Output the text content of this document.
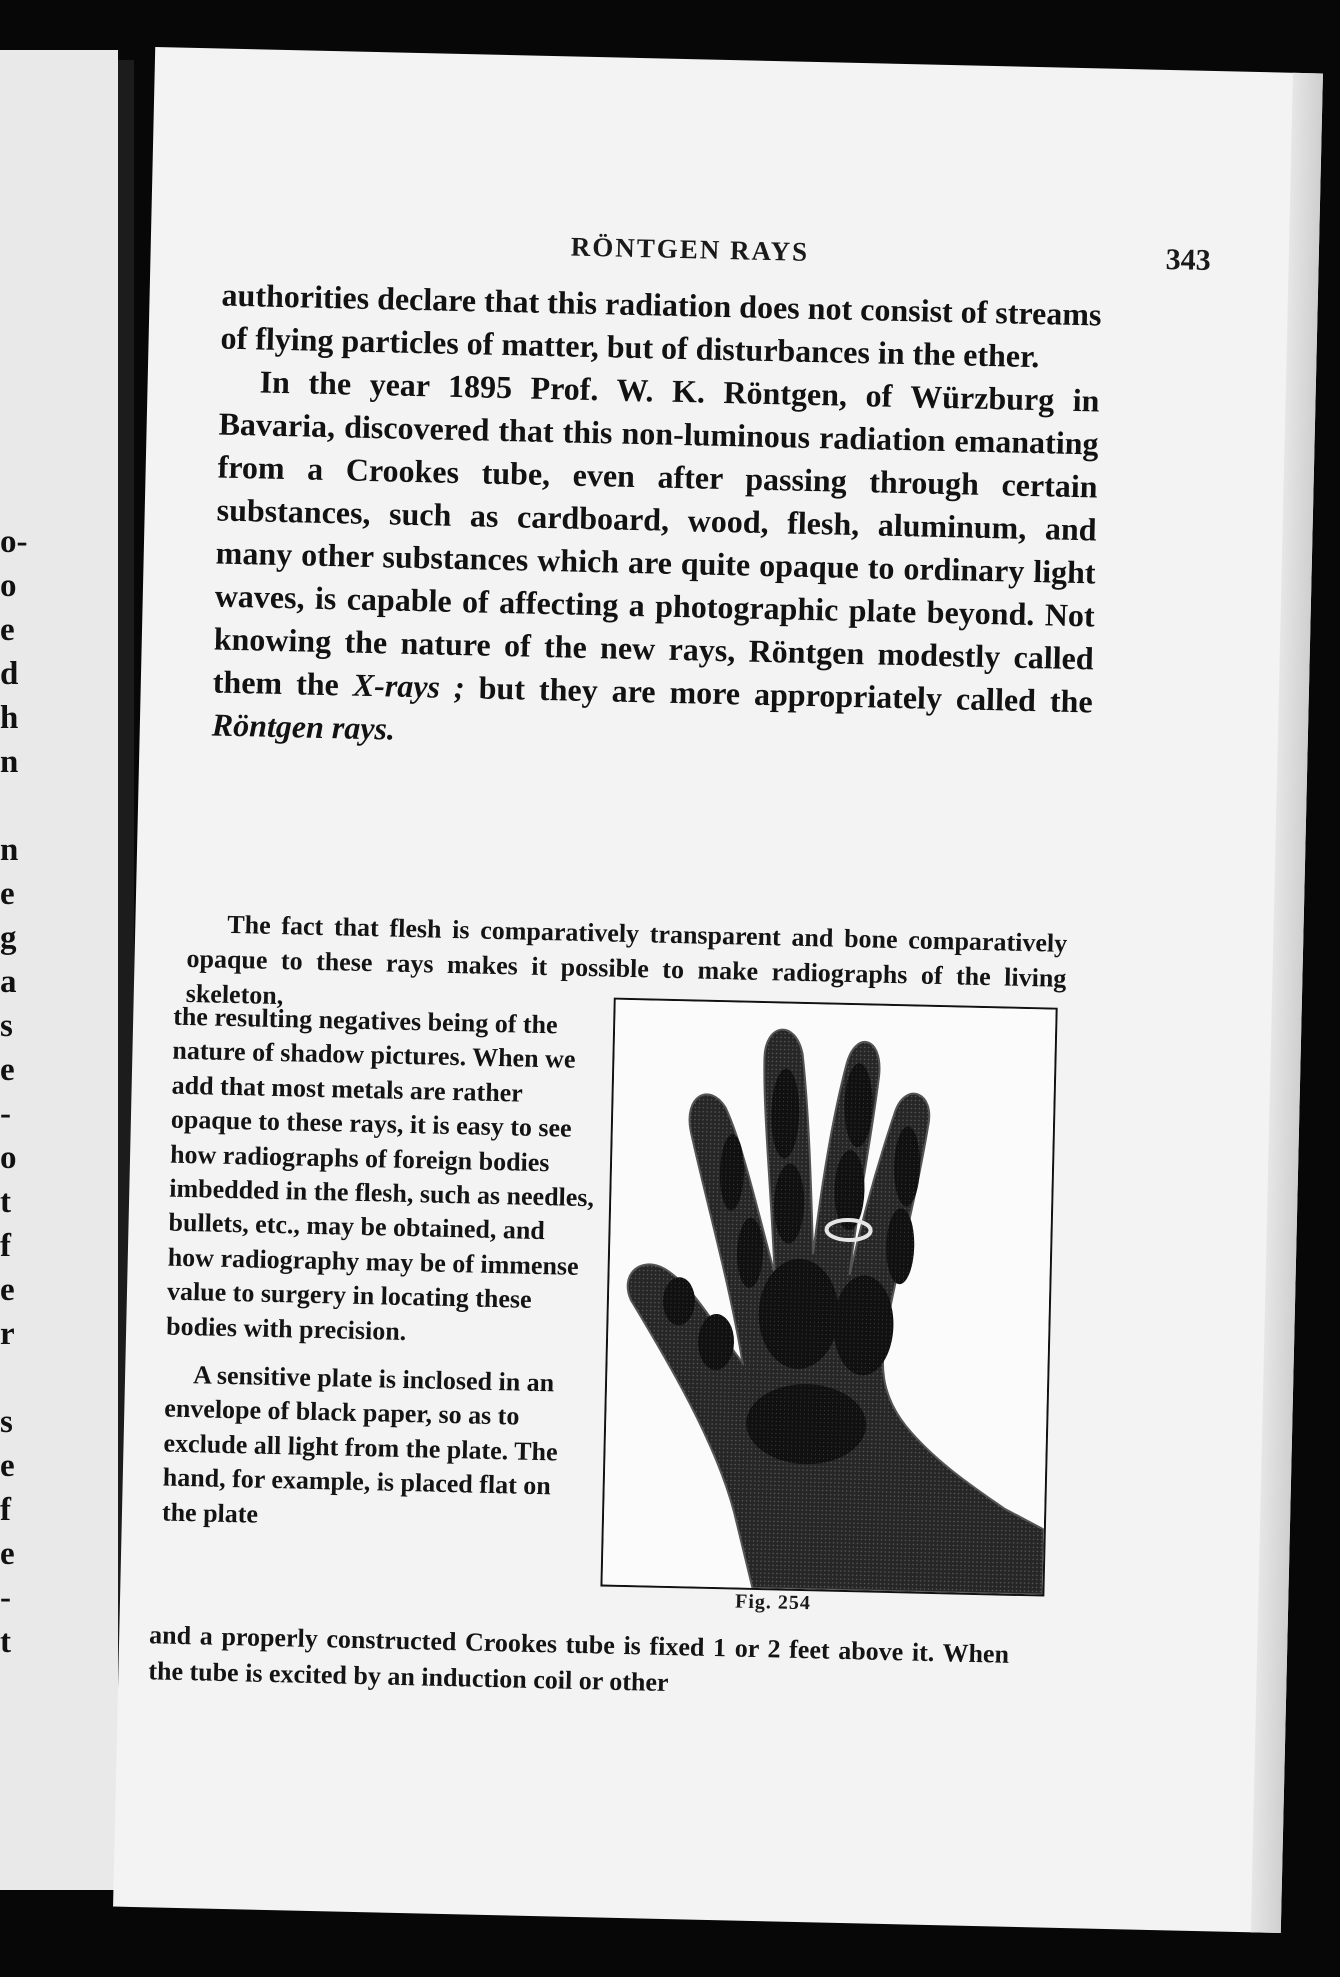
o-
o
e
d
h
n
n
e
g
a
s
e
-
o
t
f
e
r
s
e
f
e
-
t
RÖNTGEN RAYS	343

authorities declare that this radiation does not consist of streams of flying particles of matter, but of disturbances in the ether.

In the year 1895 Prof. W. K. Röntgen, of Würzburg in Bavaria, discovered that this non-luminous radiation emanating from a Crookes tube, even after passing through certain substances, such as cardboard, wood, flesh, aluminum, and many other substances which are quite opaque to ordinary light waves, is capable of affecting a photographic plate beyond. Not knowing the nature of the new rays, Röntgen modestly called them the X-rays ; but they are more appropriately called the Röntgen rays.

The fact that flesh is comparatively transparent and bone comparatively opaque to these rays makes it possible to make radiographs of the living skeleton,

the resulting negatives being of the nature of shadow pictures. When we add that most metals are rather opaque to these rays, it is easy to see how radiographs of foreign bodies imbedded in the flesh, such as needles, bullets, etc., may be obtained, and how radiography may be of immense value to surgery in locating these bodies with precision.

A sensitive plate is inclosed in an envelope of black paper, so as to exclude all light from the plate. The hand, for example, is placed flat on the plate

Fig. 254
and a properly constructed Crookes tube is fixed 1 or 2 feet above it. When the tube is excited by an induction coil or other
